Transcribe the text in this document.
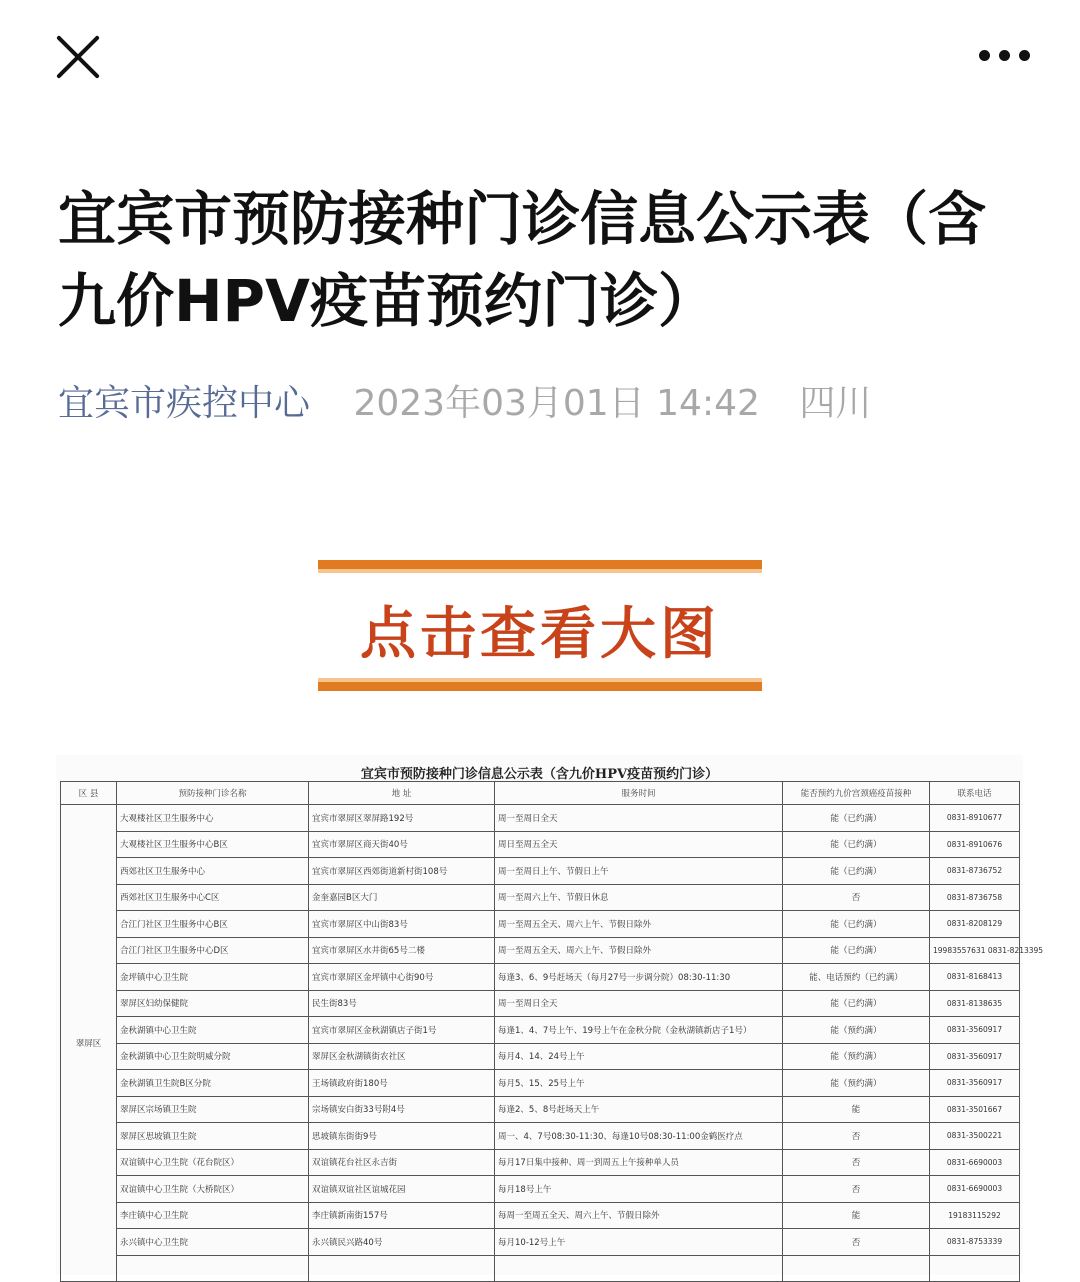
宜宾市预防接种门诊信息公示表（含九价HPV疫苗预约门诊）
宜宾市疾控中心 2023年03月01日 14:42 四川
点击查看大图
宜宾市预防接种门诊信息公示表（含九价HPV疫苗预约门诊）
区 县	预防接种门诊名称	地 址	服务时间	能否预约九价宫颈癌疫苗接种	联系电话
翠屏区	大观楼社区卫生服务中心	宜宾市翠屏区翠屏路192号	周一至周日全天	能（已约满）	0831-8910677
	大观楼社区卫生服务中心B区	宜宾市翠屏区商天街40号	周日至周五全天	能（已约满）	0831-8910676
	西郊社区卫生服务中心	宜宾市翠屏区西郊街道新村街108号	周一至周日上午、节假日上午	能（已约满）	0831-8736752
	西郊社区卫生服务中心C区	金奎嘉园B区大门	周一至周六上午、节假日休息	否	0831-8736758
	合江门社区卫生服务中心B区	宜宾市翠屏区中山街83号	周一至周五全天、周六上午、节假日除外	能（已约满）	0831-8208129
	合江门社区卫生服务中心D区	宜宾市翠屏区水井街65号二楼	周一至周五全天、周六上午、节假日除外	能（已约满）	19983557631 0831-8213395
	金坪镇中心卫生院	宜宾市翠屏区金坪镇中心街90号	每逢3、6、9号赶场天（每月27号一步调分院）08:30-11:30	能、电话预约（已约满）	0831-8168413
	翠屏区妇幼保健院	民生街83号	周一至周日全天	能（已约满）	0831-8138635
	金秋湖镇中心卫生院	宜宾市翠屏区金秋湖镇店子街1号	每逢1、4、7号上午、19号上午在金秋分院（金秋湖镇新店子1号）	能（预约满）	0831-3560917
	金秋湖镇中心卫生院明威分院	翠屏区金秋湖镇街农社区	每月4、14、24号上午	能（预约满）	0831-3560917
	金秋湖镇卫生院B区分院	王场镇政府街180号	每月5、15、25号上午	能（预约满）	0831-3560917
	翠屏区宗场镇卫生院	宗场镇安白街33号附4号	每逢2、5、8号赶场天上午	能	0831-3501667
	翠屏区思坡镇卫生院	思坡镇东街街9号	周一、4、7号08:30-11:30、每逢10号08:30-11:00金鹤医疗点	否	0831-3500221
	双谊镇中心卫生院（花台院区）	双谊镇花台社区永吉街	每月17日集中接种、周一到周五上午接种单人员	否	0831-6690003
	双谊镇中心卫生院（大桥院区）	双谊镇双谊社区谊城花园	每月18号上午	否	0831-6690003
	李庄镇中心卫生院	李庄镇新南街157号	每周一至周五全天、周六上午、节假日除外	能	19183115292
	永兴镇中心卫生院	永兴镇民兴路40号	每月10-12号上午	否	0831-8753339
